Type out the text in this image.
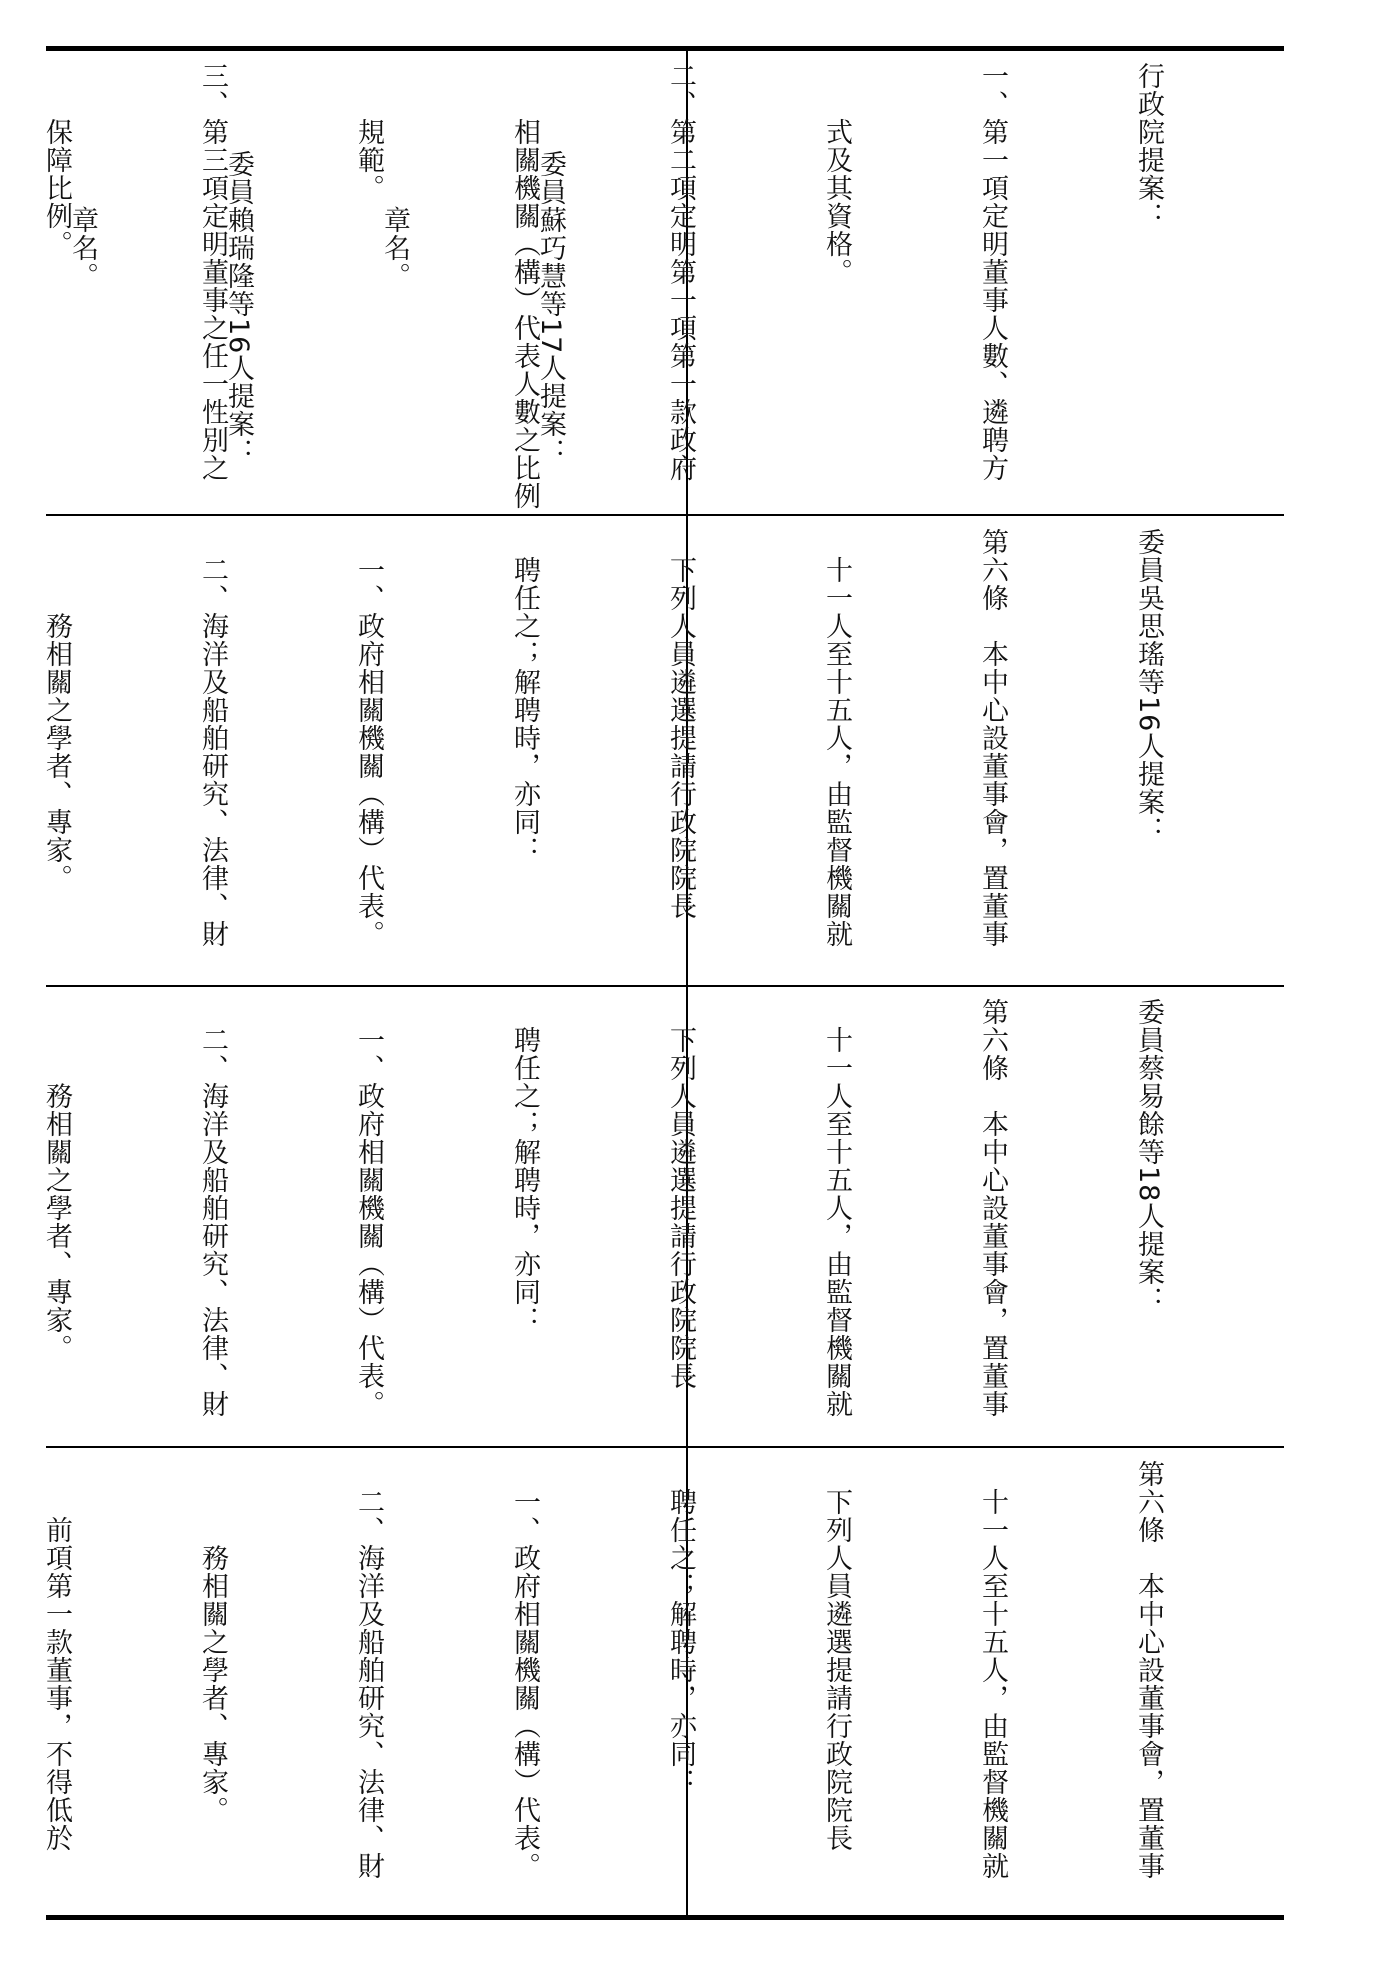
行政院提案：

一、第一項定明董事人數、遴聘方

　　式及其資格。

二、第二項定明第一項第一款政府

　　相關機關（構）代表人數之比例

　　規範。

三、第三項定明董事之任一性別之

　　保障比例。

	委員蘇巧慧等17人提案：

　　章名。

委員賴瑞隆等16人提案：

　　章名。

委員吳思瑤等16人提案：

第六條　本中心設董事會，置董事

　十一人至十五人，由監督機關就

　下列人員遴選提請行政院院長

　聘任之；解聘時，亦同：

　一、政府相關機關（構）代表。

　二、海洋及船舶研究、法律、財

　　　務相關之學者、專家。

委員蔡易餘等18人提案：

第六條　本中心設董事會，置董事

　十一人至十五人，由監督機關就

　下列人員遴選提請行政院院長

　聘任之；解聘時，亦同：

　一、政府相關機關（構）代表。

　二、海洋及船舶研究、法律、財

　　　務相關之學者、專家。

第六條　本中心設董事會，置董事

　十一人至十五人，由監督機關就

　下列人員遴選提請行政院院長

　聘任之；解聘時，亦同：

　一、政府相關機關（構）代表。

　二、海洋及船舶研究、法律、財

　　　務相關之學者、專家。

　　前項第一款董事，不得低於
